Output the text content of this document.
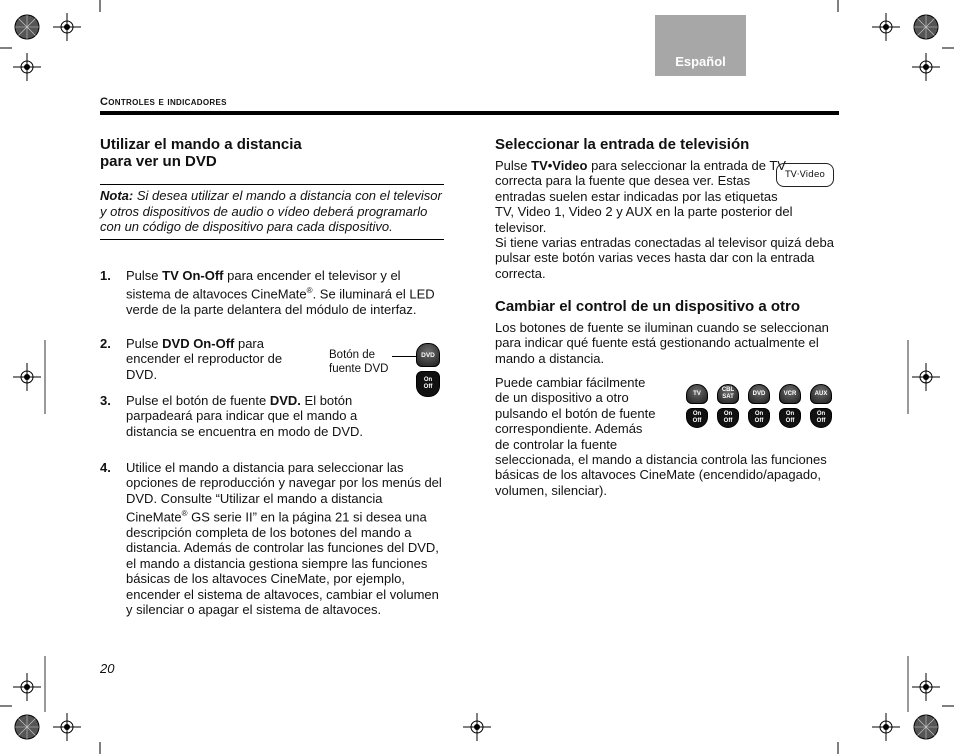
Español
Controles e indicadores
Utilizar el mando a distancia
para ver un DVD
Nota: Si desea utilizar el mando a distancia con el televisor y otros dispositivos de audio o vídeo deberá programarlo con un código de dispositivo para cada dispositivo.
1. Pulse TV On-Off para encender el televisor y el sistema de altavoces CineMate®. Se iluminará el LED verde de la parte delantera del módulo de interfaz.
2. Pulse DVD On-Off para encender el reproductor de DVD.
Botón de
fuente DVD
DVD
On
Off
3. Pulse el botón de fuente DVD. El botón parpadeará para indicar que el mando a distancia se encuentra en modo de DVD.
4. Utilice el mando a distancia para seleccionar las opciones de reproducción y navegar por los menús del DVD. Consulte “Utilizar el mando a distancia CineMate® GS serie II” en la página 21 si desea una descripción completa de los botones del mando a distancia. Además de controlar las funciones del DVD, el mando a distancia gestiona siempre las funciones básicas de los altavoces CineMate, por ejemplo, encender el sistema de altavoces, cambiar el volumen y silenciar o apagar el sistema de altavoces.
20
Seleccionar la entrada de televisión
Pulse TV•Video para seleccionar la entrada de TV correcta para la fuente que desea ver. Estas entradas suelen estar indicadas por las etiquetas TV, Video 1, Video 2 y AUX en la parte posterior del televisor.
Si tiene varias entradas conectadas al televisor quizá deba pulsar este botón varias veces hasta dar con la entrada correcta.
TV·Video
Cambiar el control de un dispositivo a otro
Los botones de fuente se iluminan cuando se seleccionan para indicar qué fuente está gestionando actualmente el mando a distancia.
Puede cambiar fácilmente
de un dispositivo a otro
pulsando el botón de fuente
correspondiente. Además
de controlar la fuente
seleccionada, el mando a distancia controla las funciones básicas de los altavoces CineMate (encendido/apagado, volumen, silenciar).
TV
On
Off
CBL
SAT
On
Off
DVD
On
Off
VCR
On
Off
AUX
On
Off
